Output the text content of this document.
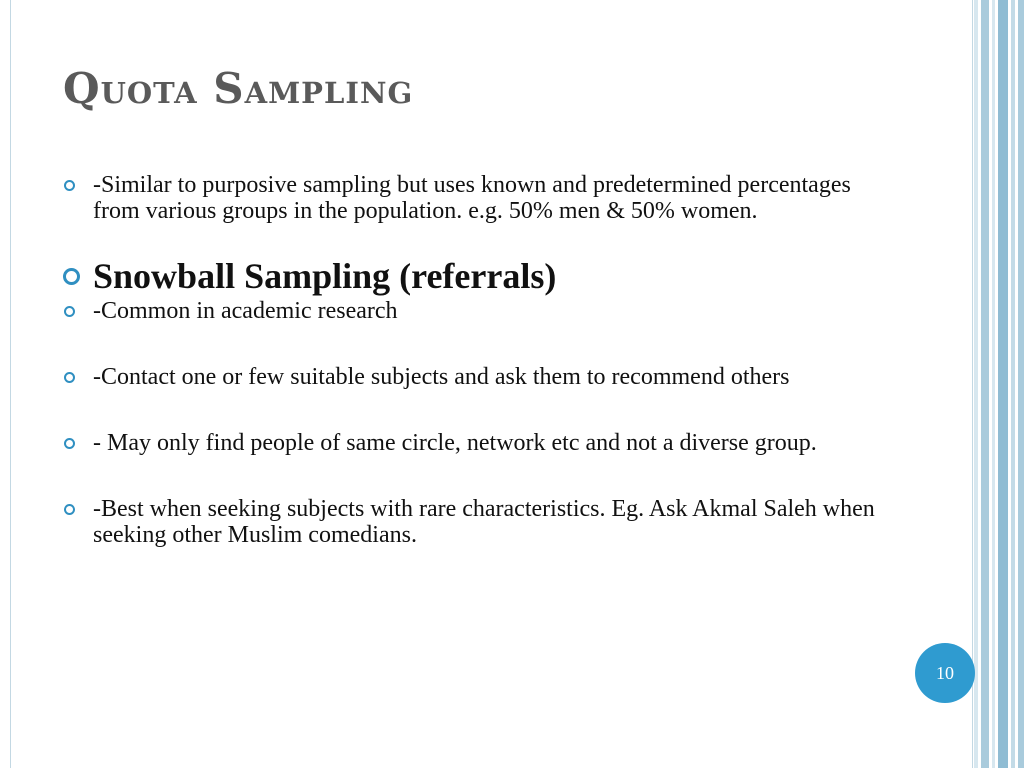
Quota Sampling
-Similar to purposive sampling but uses known and predetermined percentages from various groups in the population. e.g. 50% men & 50% women.
Snowball Sampling (referrals)
-Common in academic research
-Contact one or few suitable subjects and ask them to recommend others
- May only find people of same circle, network etc and not a diverse group.
-Best when seeking subjects with rare characteristics. Eg. Ask Akmal Saleh when seeking other Muslim comedians.
10
